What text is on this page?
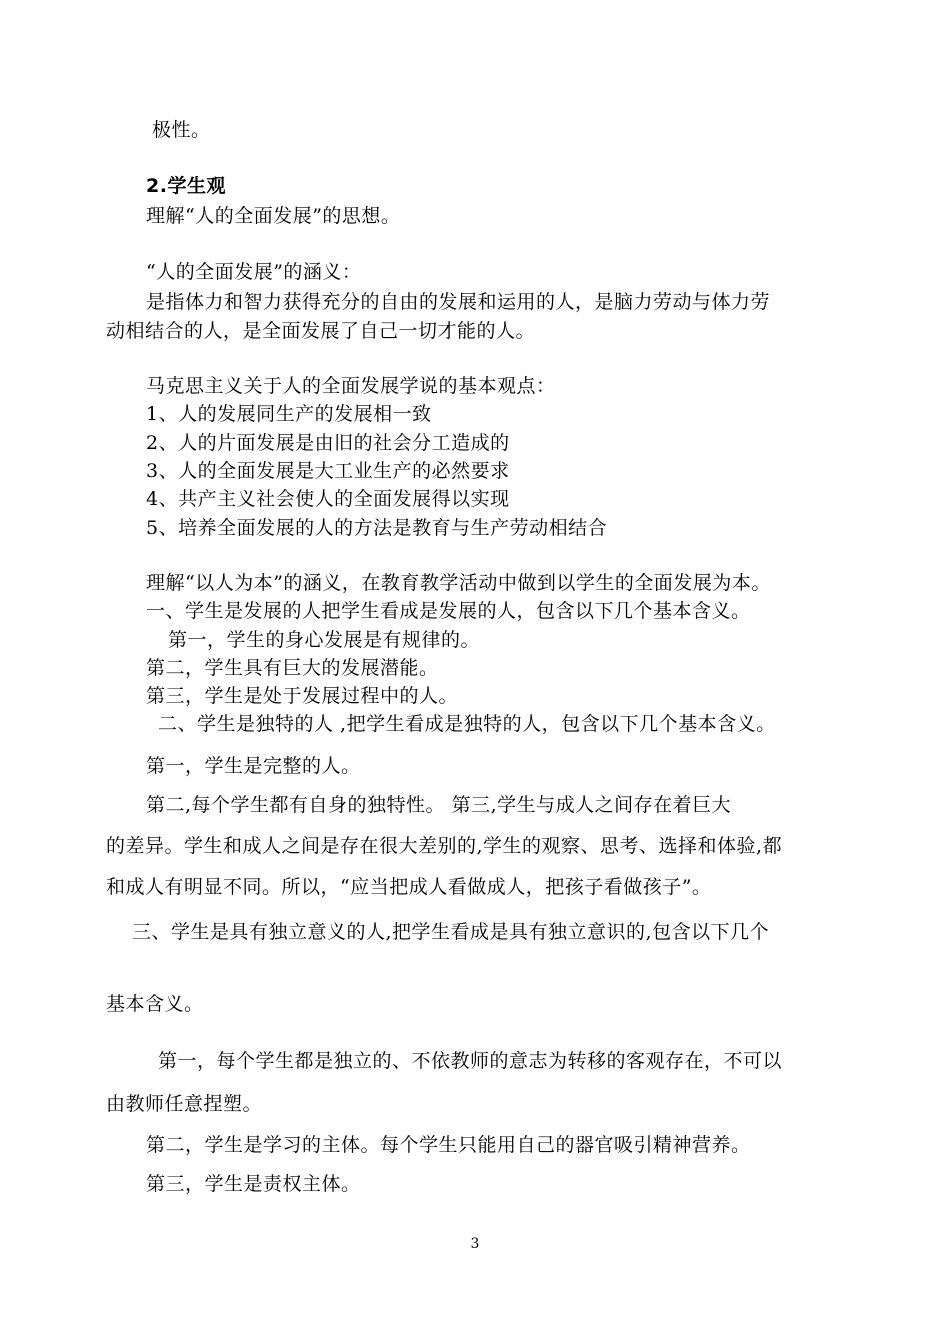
极性。
2.学生观
理解“人的全面发展”的思想。
“人的全面发展”的涵义：
是指体力和智力获得充分的自由的发展和运用的人，是脑力劳动与体力劳
动相结合的人，是全面发展了自己一切才能的人。
马克思主义关于人的全面发展学说的基本观点：
1、人的发展同生产的发展相一致
2、人的片面发展是由旧的社会分工造成的
3、人的全面发展是大工业生产的必然要求
4、共产主义社会使人的全面发展得以实现
5、培养全面发展的人的方法是教育与生产劳动相结合
理解“以人为本”的涵义，在教育教学活动中做到以学生的全面发展为本。
一、学生是发展的人把学生看成是发展的人，包含以下几个基本含义。
第一，学生的身心发展是有规律的。
第二，学生具有巨大的发展潜能。
第三，学生是处于发展过程中的人。
二、学生是独特的人 ,把学生看成是独特的人，包含以下几个基本含义。
第一，学生是完整的人。
第二,每个学生都有自身的独特性。 第三,学生与成人之间存在着巨大
的差异。学生和成人之间是存在很大差别的,学生的观察、思考、选择和体验,都
和成人有明显不同。所以，“应当把成人看做成人，把孩子看做孩子”。
三、学生是具有独立意义的人,把学生看成是具有独立意识的,包含以下几个
基本含义。
第一，每个学生都是独立的、不依教师的意志为转移的客观存在，不可以
由教师任意捏塑。
第二，学生是学习的主体。每个学生只能用自己的器官吸引精神营养。
第三，学生是责权主体。
3
